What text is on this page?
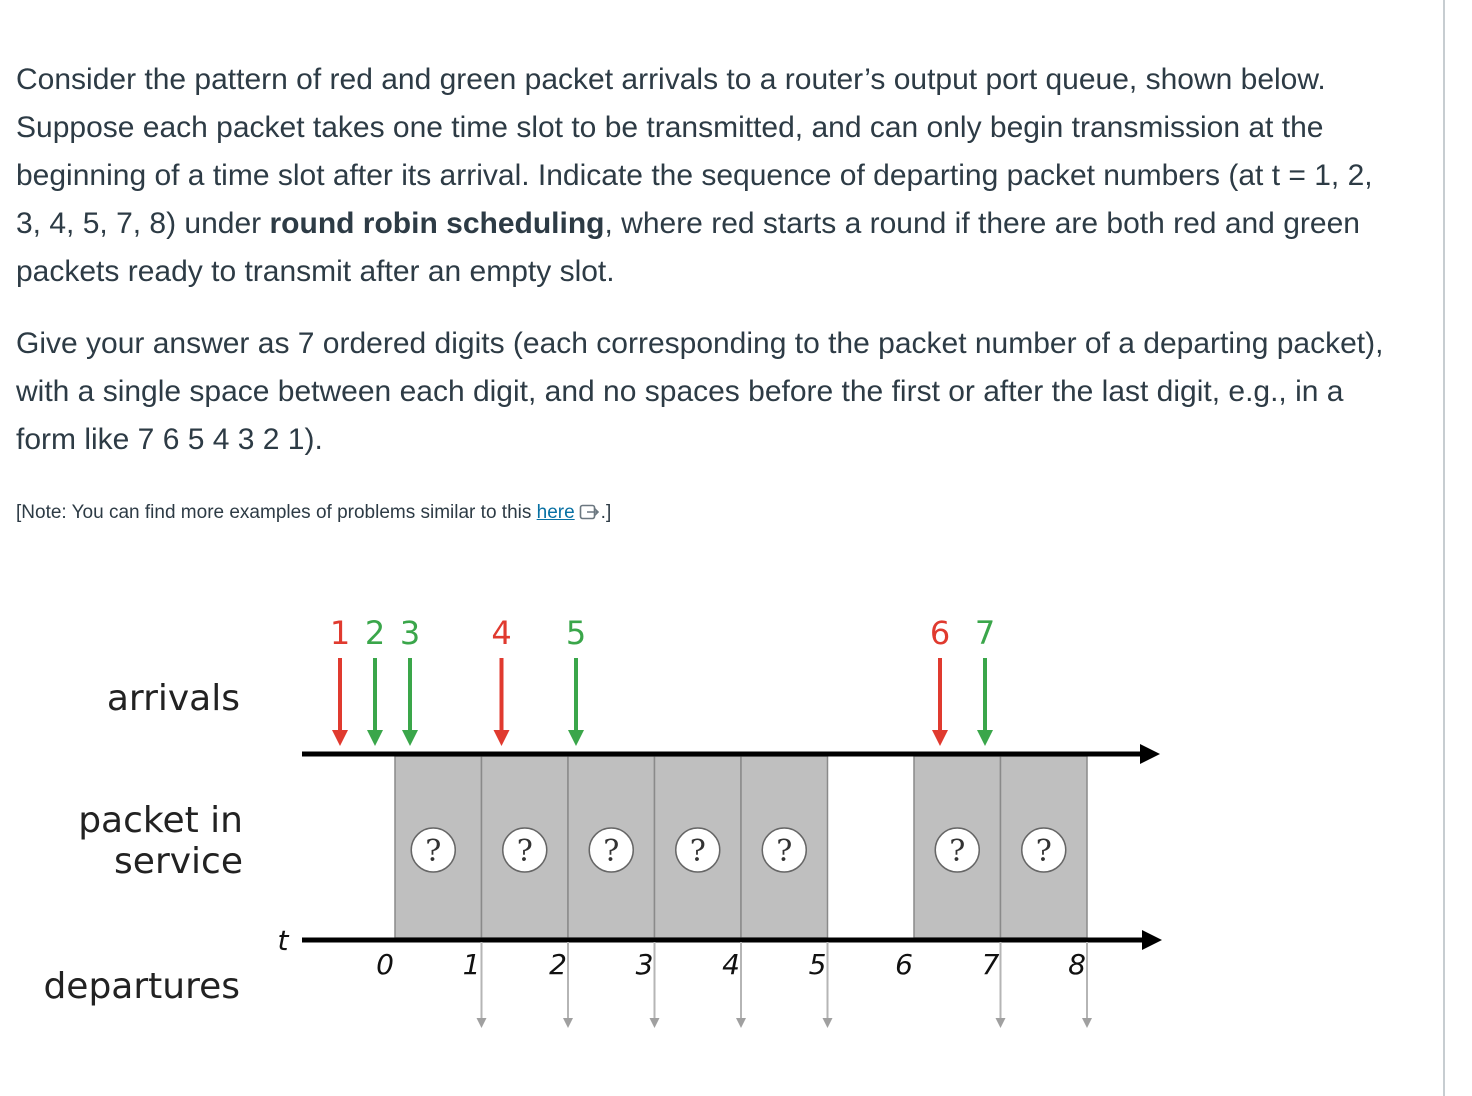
Consider the pattern of red and green packet arrivals to a router’s output port queue, shown below. Suppose each packet takes one time slot to be transmitted, and can only begin transmission at the beginning of a time slot after its arrival. Indicate the sequence of departing packet numbers (at t = 1, 2, 3, 4, 5, 7, 8) under round robin scheduling, where red starts a round if there are both red and green packets ready to transmit after an empty slot.

Give your answer as 7 ordered digits (each corresponding to the packet number of a departing packet), with a single space between each digit, and no spaces before the first or after the last digit, e.g., in a form like 7 6 5 4 3 2 1).

[Note: You can find more examples of problems similar to this here .]
arrivals
packet in
service
departures
t
1 2 3 4 5	6 7
0 1 2 3 4 5 6 7 8
?	? ? ? ?	? ?
